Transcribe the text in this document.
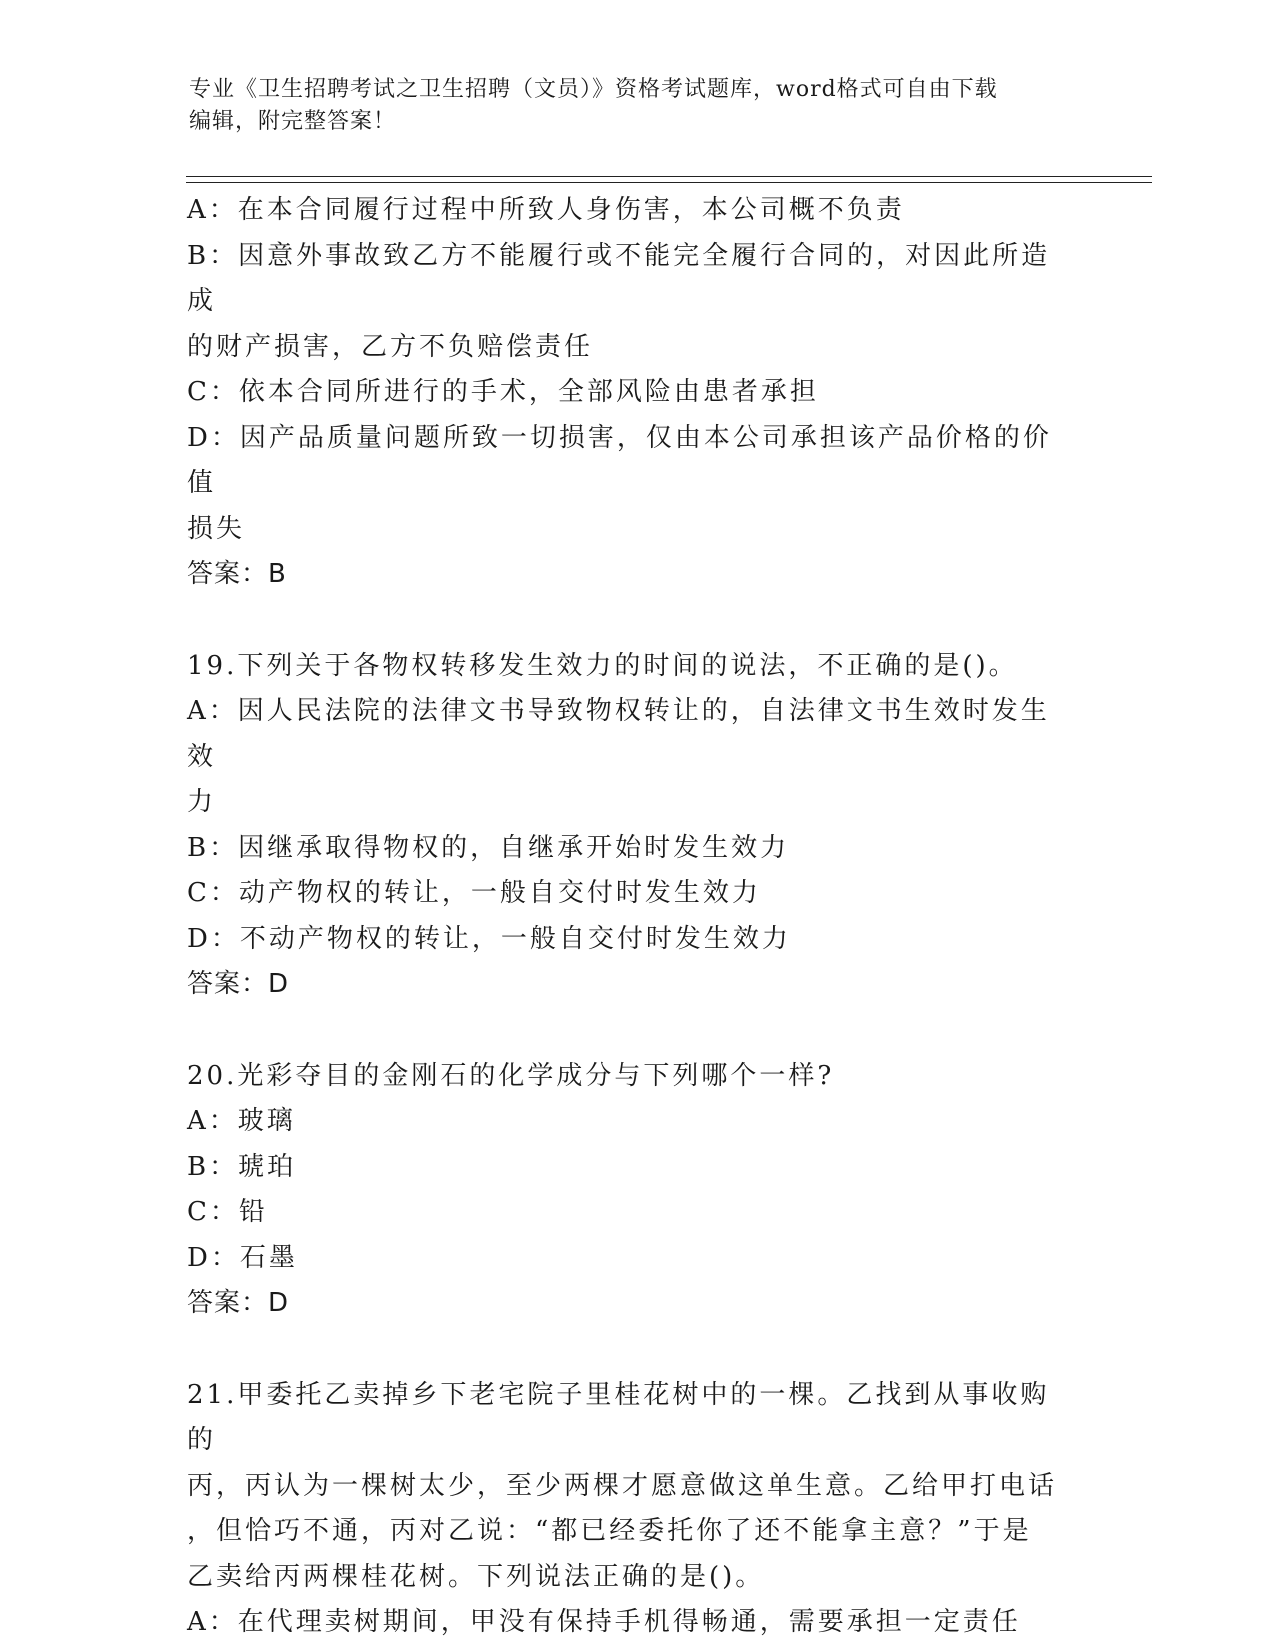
专业《卫生招聘考试之卫生招聘（文员）》资格考试题库，word格式可自由下载
编辑，附完整答案！
A：在本合同履行过程中所致人身伤害，本公司概不负责
B：因意外事故致乙方不能履行或不能完全履行合同的，对因此所造成
的财产损害，乙方不负赔偿责任
C：依本合同所进行的手术，全部风险由患者承担
D：因产品质量问题所致一切损害，仅由本公司承担该产品价格的价值
损失
答案：B
19.下列关于各物权转移发生效力的时间的说法，不正确的是()。
A：因人民法院的法律文书导致物权转让的，自法律文书生效时发生效
力
B：因继承取得物权的，自继承开始时发生效力
C：动产物权的转让，一般自交付时发生效力
D：不动产物权的转让，一般自交付时发生效力
答案：D
20.光彩夺目的金刚石的化学成分与下列哪个一样?
A：玻璃
B：琥珀
C：铅
D：石墨
答案：D
21.甲委托乙卖掉乡下老宅院子里桂花树中的一棵。乙找到从事收购的
丙，丙认为一棵树太少，至少两棵才愿意做这单生意。乙给甲打电话
，但恰巧不通，丙对乙说：“都已经委托你了还不能拿主意？”于是
乙卖给丙两棵桂花树。下列说法正确的是()。
A：在代理卖树期间，甲没有保持手机得畅通，需要承担一定责任
